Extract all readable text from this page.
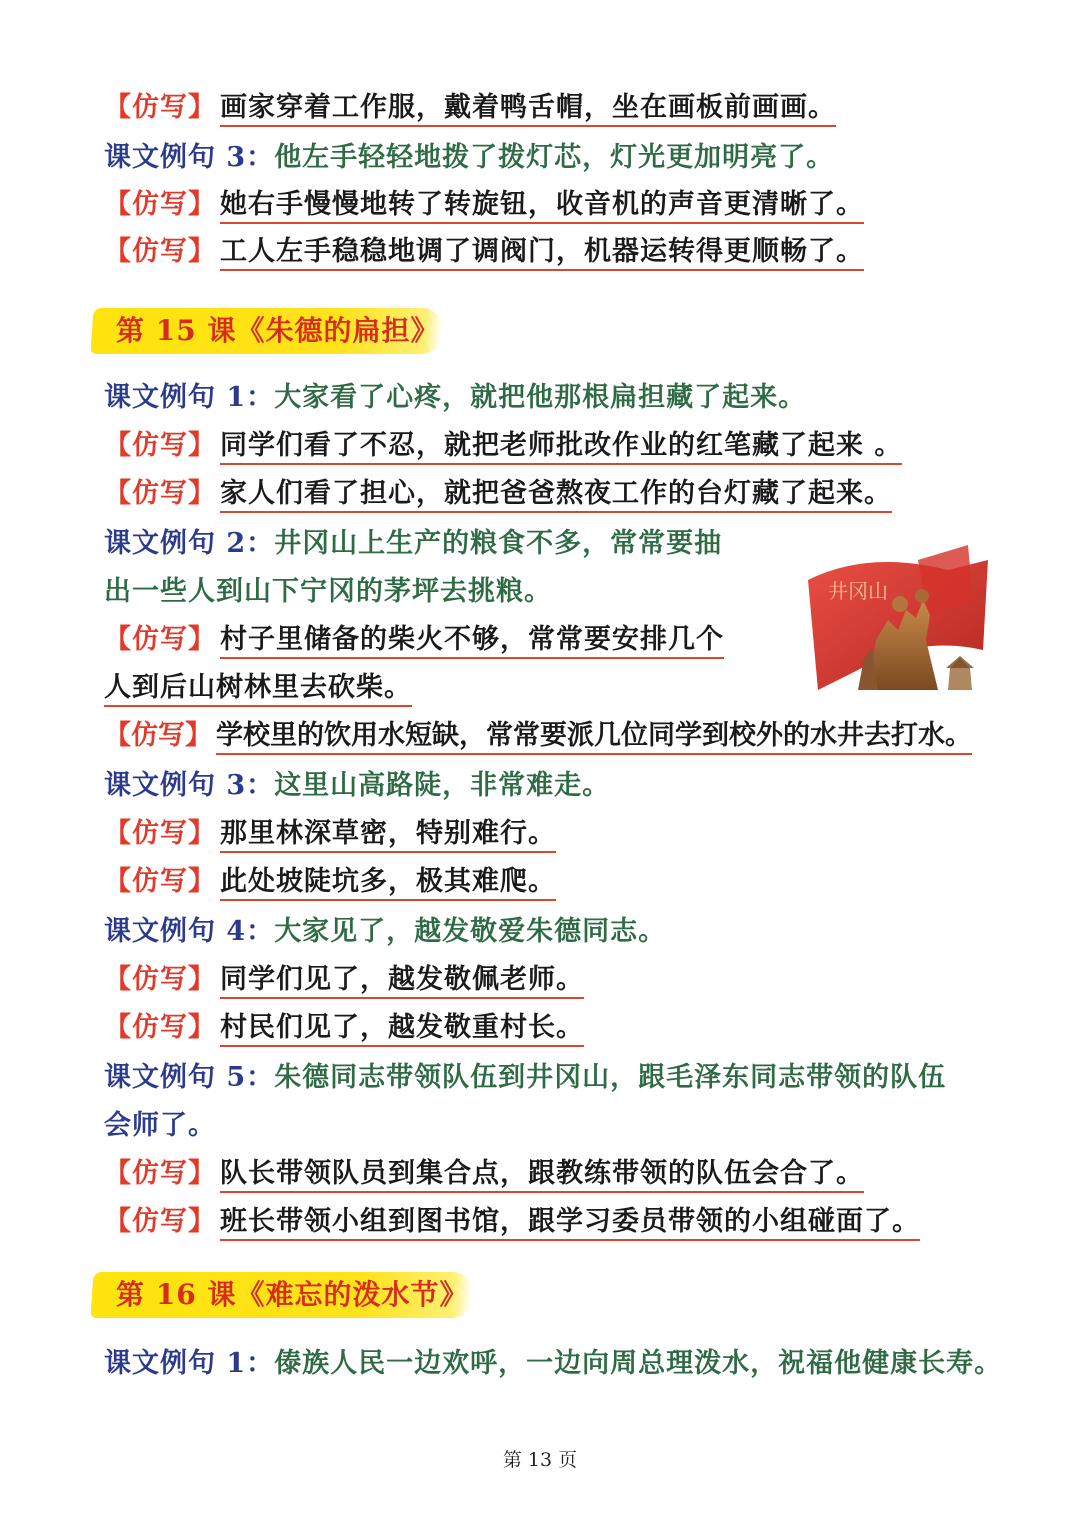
【仿写】 画家穿着工作服，戴着鸭舌帽，坐在画板前画画。
课文例句 3：他左手轻轻地拨了拨灯芯，灯光更加明亮了。
【仿写】 她右手慢慢地转了转旋钮，收音机的声音更清晰了。
【仿写】 工人左手稳稳地调了调阀门，机器运转得更顺畅了。
第 15 课《朱德的扁担》
课文例句 1：大家看了心疼，就把他那根扁担藏了起来。
【仿写】 同学们看了不忍，就把老师批改作业的红笔藏了起来 。
【仿写】 家人们看了担心，就把爸爸熬夜工作的台灯藏了起来。
课文例句 2：井冈山上生产的粮食不多，常常要抽
出一些人到山下宁冈的茅坪去挑粮。
【仿写】 村子里储备的柴火不够，常常要安排几个
人到后山树林里去砍柴。
【仿写】 学校里的饮用水短缺，常常要派几位同学到校外的水井去打水。
课文例句 3：这里山高路陡，非常难走。
【仿写】 那里林深草密，特别难行。
【仿写】 此处坡陡坑多，极其难爬。
课文例句 4：大家见了，越发敬爱朱德同志。
【仿写】 同学们见了，越发敬佩老师。
【仿写】 村民们见了，越发敬重村长。
课文例句 5：朱德同志带领队伍到井冈山，跟毛泽东同志带领的队伍
会师了。
【仿写】 队长带领队员到集合点，跟教练带领的队伍会合了。
【仿写】 班长带领小组到图书馆，跟学习委员带领的小组碰面了。
第 16 课《难忘的泼水节》
课文例句 1：傣族人民一边欢呼，一边向周总理泼水，祝福他健康长寿。
井冈山
第 13 页
